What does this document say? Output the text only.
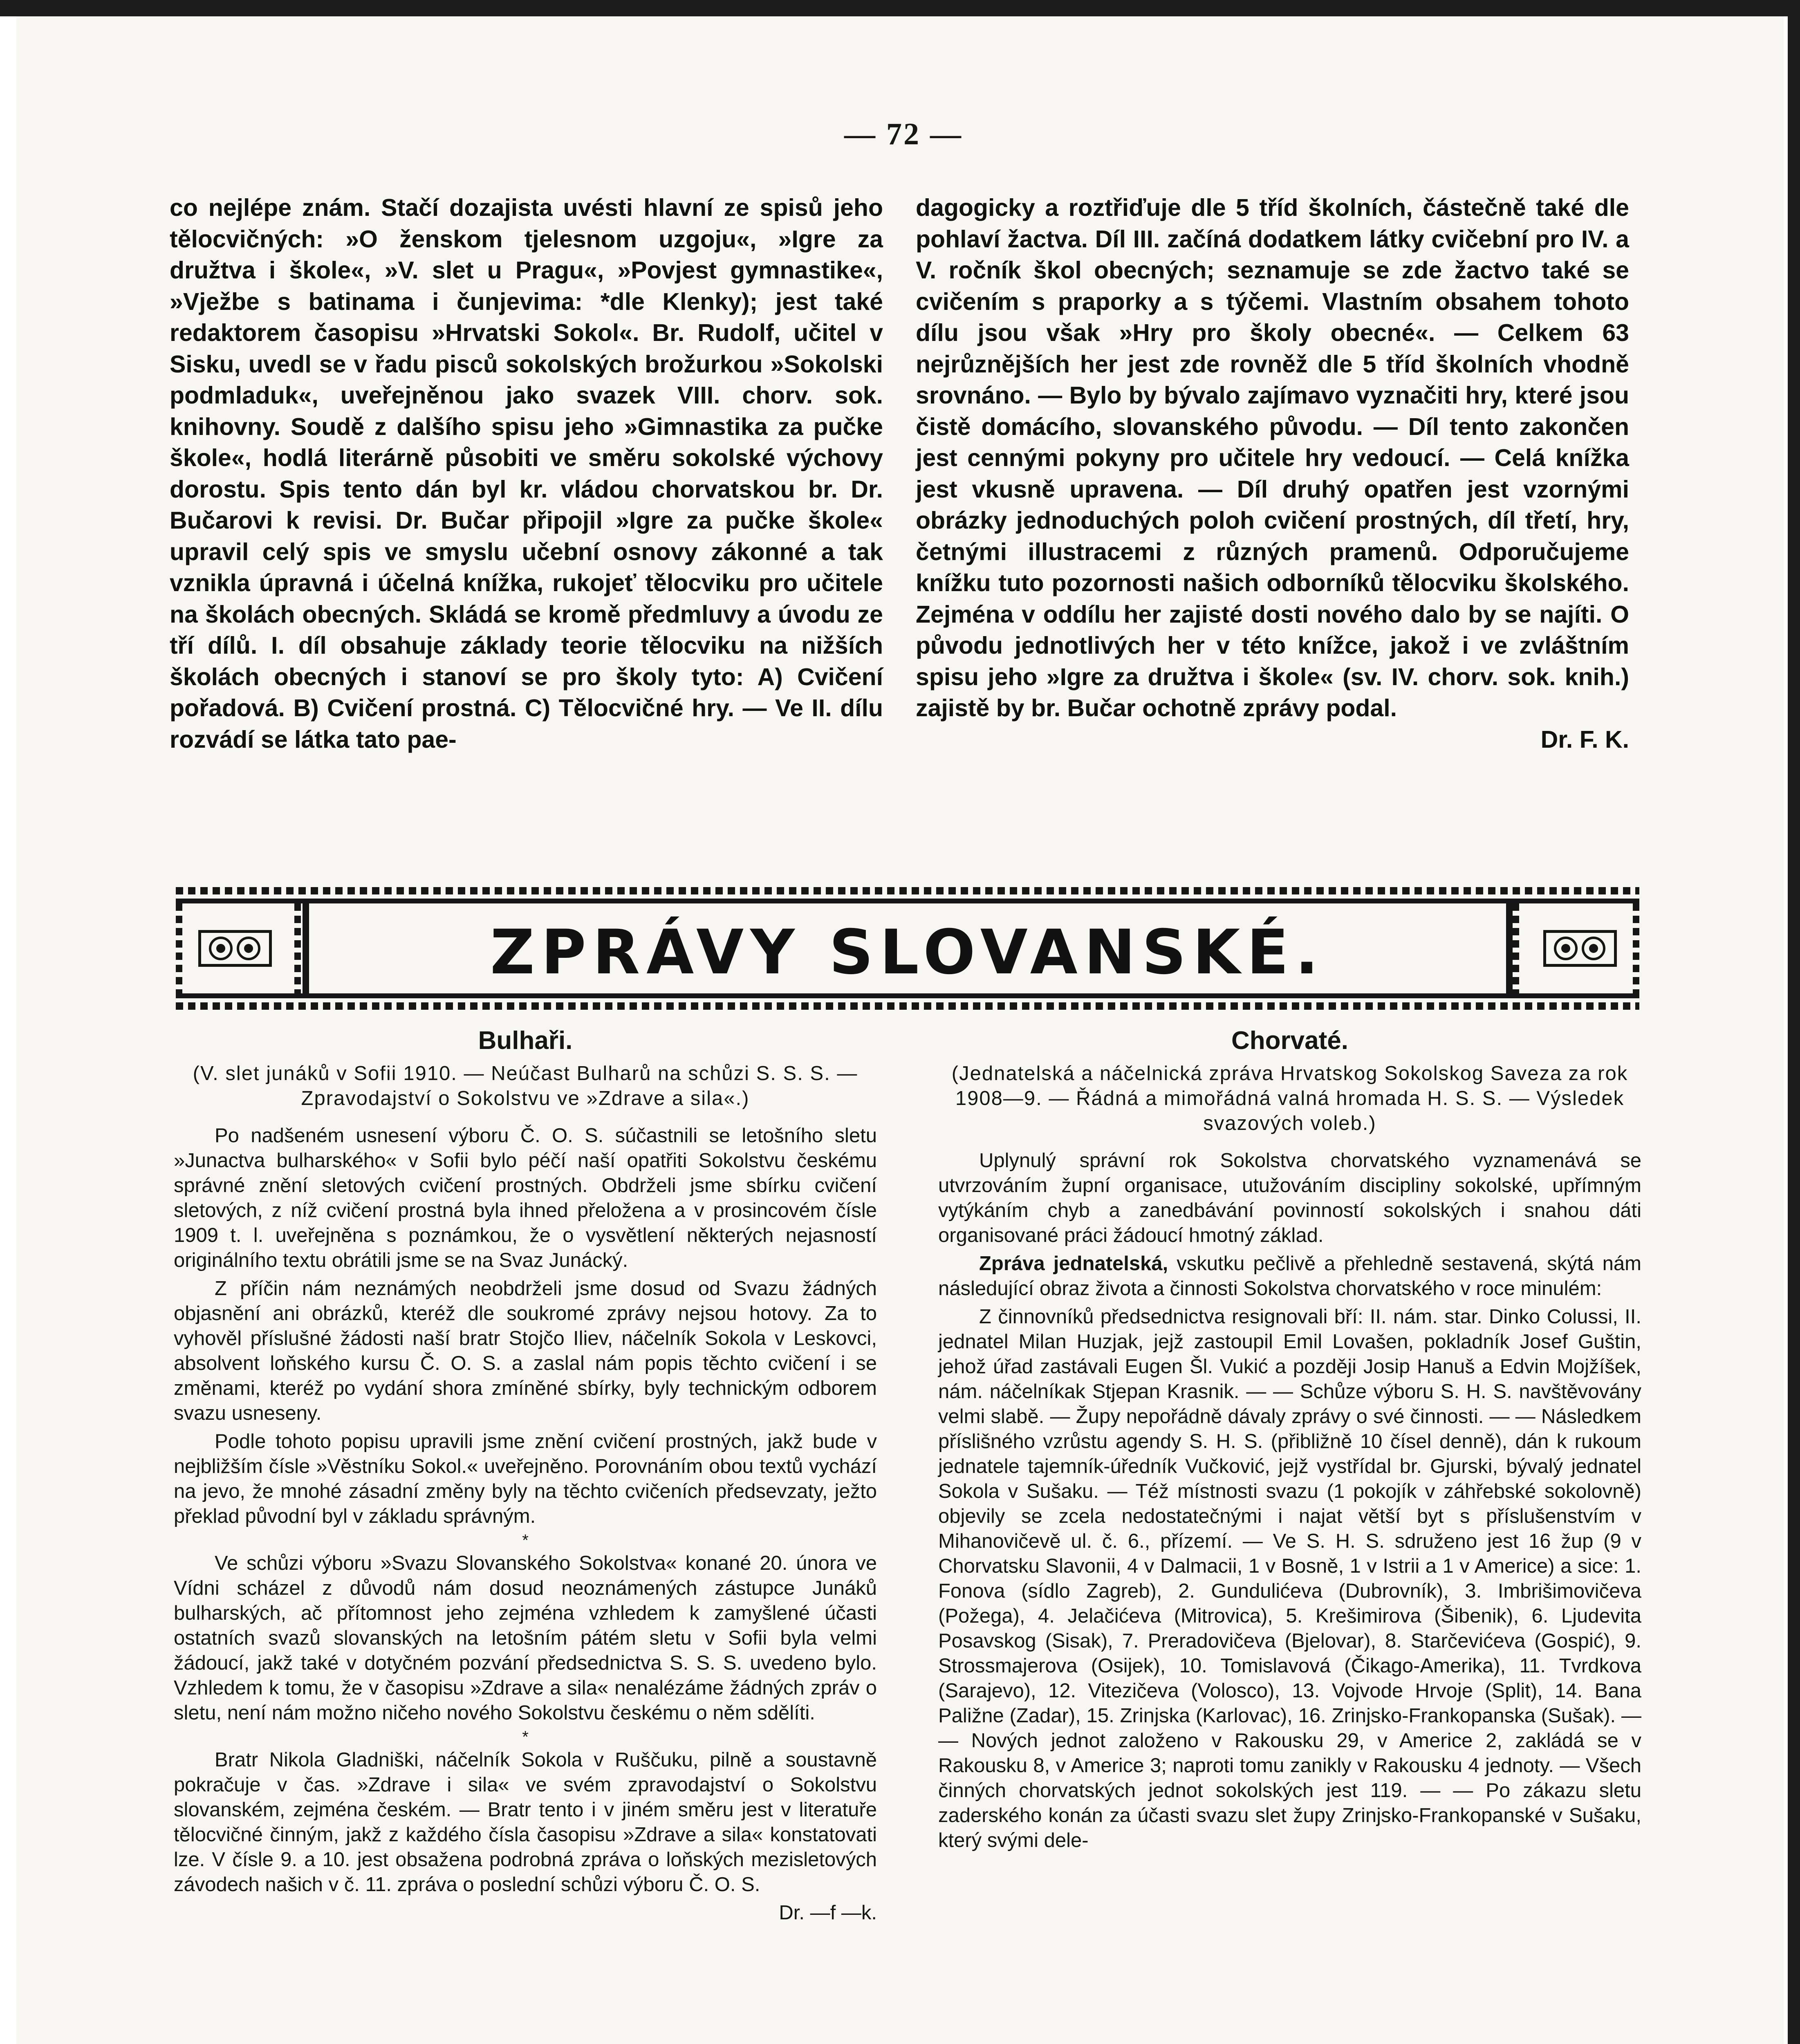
— 72 —

co nejlépe znám. Stačí dozajista uvésti hlavní ze spisů jeho tělocvičných: »O ženskom tjelesnom uzgoju«, »Igre za družtva i škole«, »V. slet u Pragu«, »Povjest gymnastike«, »Vježbe s batinama i čunjevima: *dle Klenky); jest také redaktorem časopisu »Hrvatski Sokol«. Br. Rudolf, učitel v Sisku, uvedl se v řadu pisců sokolských brožurkou »Sokolski podmladuk«, uveřejněnou jako svazek VIII. chorv. sok. knihovny. Soudě z dalšího spisu jeho »Gimnastika za pučke škole«, hodlá literárně působiti ve směru sokolské výchovy dorostu. Spis tento dán byl kr. vládou chorvatskou br. Dr. Bučarovi k revisi. Dr. Bučar připojil »Igre za pučke škole« upravil celý spis ve smyslu učební osnovy zákonné a tak vznikla úpravná i účelná knížka, rukojeť tělocviku pro učitele na školách obecných. Skládá se kromě předmluvy a úvodu ze tří dílů. I. díl obsahuje základy teorie tělocviku na nižších školách obecných i stanoví se pro školy tyto: A) Cvičení pořadová. B) Cvičení prostná. C) Tělocvičné hry. — Ve II. dílu rozvádí se látka tato pae-

dagogicky a roztřiďuje dle 5 tříd školních, částečně také dle pohlaví žactva. Díl III. začíná dodatkem látky cvičební pro IV. a V. ročník škol obecných; seznamuje se zde žactvo také se cvičením s praporky a s týčemi. Vlastním obsahem tohoto dílu jsou však »Hry pro školy obecné«. — Celkem 63 nejrůznějších her jest zde rovněž dle 5 tříd školních vhodně srovnáno. — Bylo by bývalo zajímavo vyznačiti hry, které jsou čistě domácího, slovanského původu. — Díl tento zakončen jest cennými pokyny pro učitele hry vedoucí. — Celá knížka jest vkusně upravena. — Díl druhý opatřen jest vzornými obrázky jednoduchých poloh cvičení prostných, díl třetí, hry, četnými illustracemi z různých pramenů. Odporučujeme knížku tuto pozornosti našich odborníků tělocviku školského. Zejména v oddílu her zajisté dosti nového dalo by se najíti. O původu jednotlivých her v této knížce, jakož i ve zvláštním spisu jeho »Igre za družtva i škole« (sv. IV. chorv. sok. knih.) zajistě by br. Bučar ochotně zprávy podal.

Dr. F. K.
ZPRÁVY SLOVANSKÉ.
Bulhaři.

(V. slet junáků v Sofii 1910. — Neúčast Bulharů na schůzi S. S. S. — Zpravodajství o Sokolstvu ve »Zdrave a sila«.)

Po nadšeném usnesení výboru Č. O. S. súčastnili se letošního sletu »Junactva bulharského« v Sofii bylo péčí naší opatřiti Sokolstvu českému správné znění sletových cvičení prostných. Obdrželi jsme sbírku cvičení sletových, z níž cvičení prostná byla ihned přeložena a v prosincovém čísle 1909 t. l. uveřejněna s poznámkou, že o vysvětlení některých nejasností originálního textu obrátili jsme se na Svaz Junácký.

Z příčin nám neznámých neobdrželi jsme dosud od Svazu žádných objasnění ani obrázků, kteréž dle soukromé zprávy nejsou hotovy. Za to vyhověl příslušné žádosti naší bratr Stojčo Iliev, náčelník Sokola v Leskovci, absolvent loňského kursu Č. O. S. a zaslal nám popis těchto cvičení i se změnami, kteréž po vydání shora zmíněné sbírky, byly technickým odborem svazu usneseny.

Podle tohoto popisu upravili jsme znění cvičení prostných, jakž bude v nejbližším čísle »Věstníku Sokol.« uveřejněno. Porovnáním obou textů vychází na jevo, že mnohé zásadní změny byly na těchto cvičeních předsevzaty, ježto překlad původní byl v základu správným.

*

Ve schůzi výboru »Svazu Slovanského Sokolstva« konané 20. února ve Vídni scházel z důvodů nám dosud neoznámených zástupce Junáků bulharských, ač přítomnost jeho zejména vzhledem k zamyšlené účasti ostatních svazů slovanských na letošním pátém sletu v Sofii byla velmi žádoucí, jakž také v dotyčném pozvání předsednictva S. S. S. uvedeno bylo. Vzhledem k tomu, že v časopisu »Zdrave a sila« nenalézáme žádných zpráv o sletu, není nám možno ničeho nového Sokolstvu českému o něm sdělíti.

*

Bratr Nikola Gladniški, náčelník Sokola v Ruščuku, pilně a soustavně pokračuje v čas. »Zdrave i sila« ve svém zpravodajství o Sokolstvu slovanském, zejména českém. — Bratr tento i v jiném směru jest v literatuře tělocvičné činným, jakž z každého čísla časopisu »Zdrave a sila« konstatovati lze. V čísle 9. a 10. jest obsažena podrobná zpráva o loňských mezisletových závodech našich v č. 11. zpráva o poslední schůzi výboru Č. O. S.

Dr. —f —k.
Chorvaté.

(Jednatelská a náčelnická zpráva Hrvatskog Sokolskog Saveza za rok 1908—9. — Řádná a mimořádná valná hromada H. S. S. — Výsledek svazových voleb.)

Uplynulý správní rok Sokolstva chorvatského vyznamenává se utvrzováním župní organisace, utužováním discipliny sokolské, upřímným vytýkáním chyb a zanedbávání povinností sokolských i snahou dáti organisované práci žádoucí hmotný základ.

Zpráva jednatelská, vskutku pečlivě a přehledně sestavená, skýtá nám následující obraz života a činnosti Sokolstva chorvatského v roce minulém:

Z činnovníků předsednictva resignovali bří: II. nám. star. Dinko Colussi, II. jednatel Milan Huzjak, jejž zastoupil Emil Lovašen, pokladník Josef Guštin, jehož úřad zastávali Eugen Šl. Vukić a později Josip Hanuš a Edvin Mojžíšek, nám. náčelníkak Stjepan Krasnik. — — Schůze výboru S. H. S. navštěvovány velmi slabě. — Župy nepořádně dávaly zprávy o své činnosti. — — Následkem příslišného vzrůstu agendy S. H. S. (přibližně 10 čísel denně), dán k rukoum jednatele tajemník-úředník Vučković, jejž vystřídal br. Gjurski, bývalý jednatel Sokola v Sušaku. — Též místnosti svazu (1 pokojík v záhřebské sokolovně) objevily se zcela nedostatečnými i najat větší byt s příslušenstvím v Mihanovičevě ul. č. 6., přízemí. — Ve S. H. S. sdruženo jest 16 žup (9 v Chorvatsku Slavonii, 4 v Dalmacii, 1 v Bosně, 1 v Istrii a 1 v Americe) a sice: 1. Fonova (sídlo Zagreb), 2. Gundulićeva (Dubrovník), 3. Imbrišimovičeva (Požega), 4. Jelačićeva (Mitrovica), 5. Krešimirova (Šibenik), 6. Ljudevita Posavskog (Sisak), 7. Preradovičeva (Bjelovar), 8. Starčevićeva (Gospić), 9. Strossmajerova (Osijek), 10. Tomislavová (Čikago-Amerika), 11. Tvrdkova (Sarajevo), 12. Vitezičeva (Volosco), 13. Vojvode Hrvoje (Split), 14. Bana Paližne (Zadar), 15. Zrinjska (Karlovac), 16. Zrinjsko-Frankopanska (Sušak). — — Nových jednot založeno v Rakousku 29, v Americe 2, zakládá se v Rakousku 8, v Americe 3; naproti tomu zanikly v Rakousku 4 jednoty. — Všech činných chorvatských jednot sokolských jest 119. — — Po zákazu sletu zaderského konán za účasti svazu slet župy Zrinjsko-Frankopanské v Sušaku, který svými dele-
